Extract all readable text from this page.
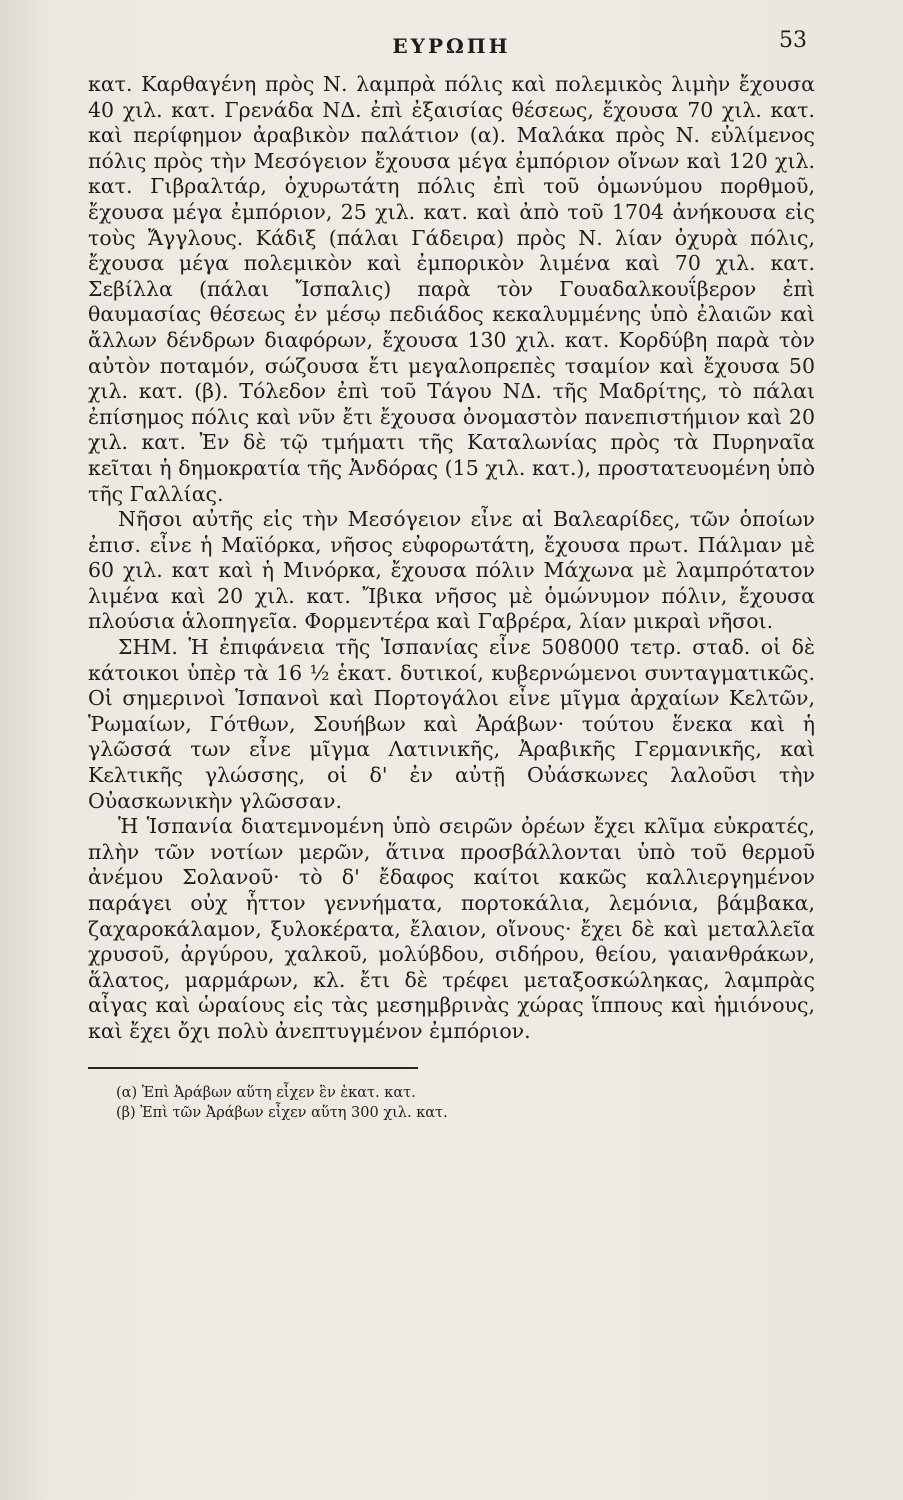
ΕΥΡΩΠΗ	53

κατ. Καρθαγένη πρὸς Ν. λαμπρὰ πόλις καὶ πολεμικὸς λιμὴν ἔχουσα 40 χιλ. κατ. Γρενάδα ΝΔ. ἐπὶ ἐξαισίας θέσεως, ἔχουσα 70 χιλ. κατ. καὶ περίφημον ἀραβικὸν παλάτιον (α). Μαλάκα πρὸς Ν. εὐλίμενος πόλις πρὸς τὴν Μεσόγειον ἔχουσα μέγα ἐμπόριον οἴνων καὶ 120 χιλ. κατ. Γιβραλτάρ, ὀχυρωτάτη πόλις ἐπὶ τοῦ ὁμωνύμου πορθμοῦ, ἔχουσα μέγα ἐμπόριον, 25 χιλ. κατ. καὶ ἀπὸ τοῦ 1704 ἀνήκουσα εἰς τοὺς Ἄγγλους. Κάδιξ (πάλαι Γάδειρα) πρὸς Ν. λίαν ὀχυρὰ πόλις, ἔχουσα μέγα πολεμικὸν καὶ ἐμπορικὸν λιμένα καὶ 70 χιλ. κατ. Σεβίλλα (πάλαι Ἴσπαλις) παρὰ τὸν Γουαδαλκουΐβερον ἐπὶ θαυμασίας θέσεως ἐν μέσῳ πεδιάδος κεκαλυμμένης ὑπὸ ἐλαιῶν καὶ ἄλλων δένδρων διαφόρων, ἔχουσα 130 χιλ. κατ. Κορδύβη παρὰ τὸν αὐτὸν ποταμόν, σώζουσα ἔτι μεγαλοπρεπὲς τσαμίον καὶ ἔχουσα 50 χιλ. κατ. (β). Τόλεδον ἐπὶ τοῦ Τάγου ΝΔ. τῆς Μαδρίτης, τὸ πάλαι ἐπίσημος πόλις καὶ νῦν ἔτι ἔχουσα ὀνομαστὸν πανεπιστήμιον καὶ 20 χιλ. κατ. Ἐν δὲ τῷ τμήματι τῆς Καταλωνίας πρὸς τὰ Πυρηναῖα κεῖται ἡ δημοκρατία τῆς Ἀνδόρας (15 χιλ. κατ.), προστατευομένη ὑπὸ τῆς Γαλλίας.

Νῆσοι αὐτῆς εἰς τὴν Μεσόγειον εἶνε αἱ Βαλεαρίδες, τῶν ὁποίων ἐπισ. εἶνε ἡ Μαϊόρκα, νῆσος εὐφορωτάτη, ἔχουσα πρωτ. Πάλμαν μὲ 60 χιλ. κατ καὶ ἡ Μινόρκα, ἔχουσα πόλιν Μάχωνα μὲ λαμπρότατον λιμένα καὶ 20 χιλ. κατ. Ἴβικα νῆσος μὲ ὁμώνυμον πόλιν, ἔχουσα πλούσια ἁλοπηγεῖα. Φορμεντέρα καὶ Γαβρέρα, λίαν μικραὶ νῆσοι.

ΣΗΜ. Ἡ ἐπιφάνεια τῆς Ἱσπανίας εἶνε 508000 τετρ. σταδ. οἱ δὲ κάτοικοι ὑπὲρ τὰ 16 ½ ἑκατ. δυτικοί, κυβερνώμενοι συνταγματικῶς. Οἱ σημερινοὶ Ἱσπανοὶ καὶ Πορτογάλοι εἶνε μῖγμα ἀρχαίων Κελτῶν, Ῥωμαίων, Γότθων, Σουήβων καὶ Ἀράβων· τούτου ἕνεκα καὶ ἡ γλῶσσά των εἶνε μῖγμα Λατινικῆς, Ἀραβικῆς Γερμανικῆς, καὶ Κελτικῆς γλώσσης, οἱ δ' ἐν αὐτῇ Οὐάσκωνες λαλοῦσι τὴν Οὐασκωνικὴν γλῶσσαν.

Ἡ Ἱσπανία διατεμνομένη ὑπὸ σειρῶν ὀρέων ἔχει κλῖμα εὐκρατές, πλὴν τῶν νοτίων μερῶν, ἅτινα προσβάλλονται ὑπὸ τοῦ θερμοῦ ἀνέμου Σολανοῦ· τὸ δ' ἔδαφος καίτοι κακῶς καλλιεργημένον παράγει οὐχ ἧττον γεννήματα, πορτοκάλια, λεμόνια, βάμβακα, ζαχαροκάλαμον, ξυλοκέρατα, ἔλαιον, οἴνους· ἔχει δὲ καὶ μεταλλεῖα χρυσοῦ, ἀργύρου, χαλκοῦ, μολύβδου, σιδήρου, θείου, γαιανθράκων, ἅλατος, μαρμάρων, κλ. ἔτι δὲ τρέφει μεταξοσκώληκας, λαμπρὰς αἶγας καὶ ὡραίους εἰς τὰς μεσημβρινὰς χώρας ἵππους καὶ ἡμιόνους, καὶ ἔχει ὄχι πολὺ ἀνεπτυγμένον ἐμπόριον.

(α) Ἐπὶ Ἀράβων αὕτη εἶχεν ἓν ἑκατ. κατ.
(β) Ἐπὶ τῶν Ἀράβων εἶχεν αὕτη 300 χιλ. κατ.
